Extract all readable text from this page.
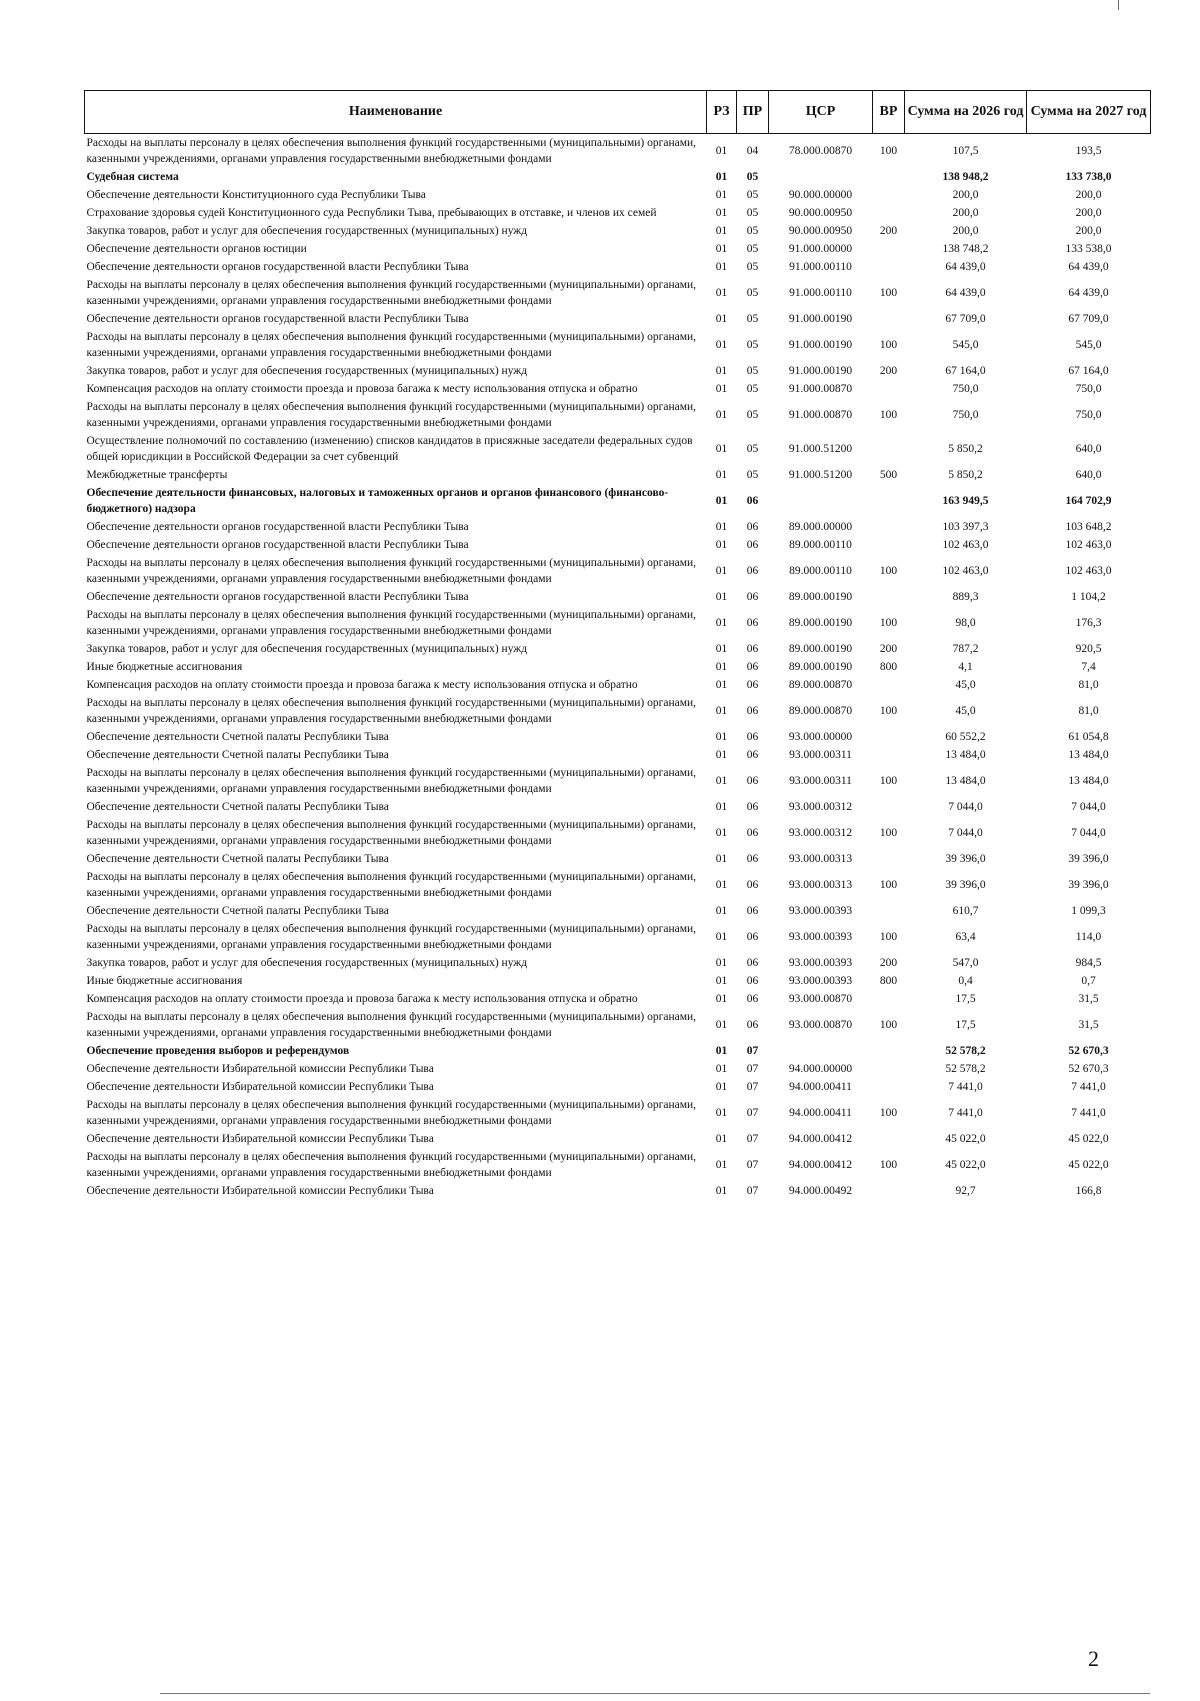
Наименование	РЗ	ПР	ЦСР	ВР	Сумма на 2026 год	Сумма на 2027 год
Расходы на выплаты персоналу в целях обеспечения выполнения функций государственными (муниципальными) органами, казенными учреждениями, органами управления государственными внебюджетными фондами	01	04	78.000.00870	100	107,5	193,5
Судебная система	01	05			138 948,2	133 738,0
Обеспечение деятельности Конституционного суда Республики Тыва	01	05	90.000.00000		200,0	200,0
Страхование здоровья судей Конституционного суда Республики Тыва, пребывающих в отставке, и членов их семей	01	05	90.000.00950		200,0	200,0
Закупка товаров, работ и услуг для обеспечения государственных (муниципальных) нужд	01	05	90.000.00950	200	200,0	200,0
Обеспечение деятельности органов юстиции	01	05	91.000.00000		138 748,2	133 538,0
Обеспечение деятельности органов государственной власти Республики Тыва	01	05	91.000.00110		64 439,0	64 439,0
Расходы на выплаты персоналу в целях обеспечения выполнения функций государственными (муниципальными) органами, казенными учреждениями, органами управления государственными внебюджетными фондами	01	05	91.000.00110	100	64 439,0	64 439,0
Обеспечение деятельности органов государственной власти Республики Тыва	01	05	91.000.00190		67 709,0	67 709,0
Расходы на выплаты персоналу в целях обеспечения выполнения функций государственными (муниципальными) органами, казенными учреждениями, органами управления государственными внебюджетными фондами	01	05	91.000.00190	100	545,0	545,0
Закупка товаров, работ и услуг для обеспечения государственных (муниципальных) нужд	01	05	91.000.00190	200	67 164,0	67 164,0
Компенсация расходов на оплату стоимости проезда и провоза багажа к месту использования отпуска и обратно	01	05	91.000.00870		750,0	750,0
Расходы на выплаты персоналу в целях обеспечения выполнения функций государственными (муниципальными) органами, казенными учреждениями, органами управления государственными внебюджетными фондами	01	05	91.000.00870	100	750,0	750,0
Осуществление полномочий по составлению (изменению) списков кандидатов в присяжные заседатели федеральных судов общей юрисдикции в Российской Федерации за счет субвенций	01	05	91.000.51200		5 850,2	640,0
Межбюджетные трансферты	01	05	91.000.51200	500	5 850,2	640,0
Обеспечение деятельности финансовых, налоговых и таможенных органов и органов финансового (финансово-бюджетного) надзора	01	06			163 949,5	164 702,9
Обеспечение деятельности органов государственной власти Республики Тыва	01	06	89.000.00000		103 397,3	103 648,2
Обеспечение деятельности органов государственной власти Республики Тыва	01	06	89.000.00110		102 463,0	102 463,0
Расходы на выплаты персоналу в целях обеспечения выполнения функций государственными (муниципальными) органами, казенными учреждениями, органами управления государственными внебюджетными фондами	01	06	89.000.00110	100	102 463,0	102 463,0
Обеспечение деятельности органов государственной власти Республики Тыва	01	06	89.000.00190		889,3	1 104,2
Расходы на выплаты персоналу в целях обеспечения выполнения функций государственными (муниципальными) органами, казенными учреждениями, органами управления государственными внебюджетными фондами	01	06	89.000.00190	100	98,0	176,3
Закупка товаров, работ и услуг для обеспечения государственных (муниципальных) нужд	01	06	89.000.00190	200	787,2	920,5
Иные бюджетные ассигнования	01	06	89.000.00190	800	4,1	7,4
Компенсация расходов на оплату стоимости проезда и провоза багажа к месту использования отпуска и обратно	01	06	89.000.00870		45,0	81,0
Расходы на выплаты персоналу в целях обеспечения выполнения функций государственными (муниципальными) органами, казенными учреждениями, органами управления государственными внебюджетными фондами	01	06	89.000.00870	100	45,0	81,0
Обеспечение деятельности Счетной палаты Республики Тыва	01	06	93.000.00000		60 552,2	61 054,8
Обеспечение деятельности Счетной палаты Республики Тыва	01	06	93.000.00311		13 484,0	13 484,0
Расходы на выплаты персоналу в целях обеспечения выполнения функций государственными (муниципальными) органами, казенными учреждениями, органами управления государственными внебюджетными фондами	01	06	93.000.00311	100	13 484,0	13 484,0
Обеспечение деятельности Счетной палаты Республики Тыва	01	06	93.000.00312		7 044,0	7 044,0
Расходы на выплаты персоналу в целях обеспечения выполнения функций государственными (муниципальными) органами, казенными учреждениями, органами управления государственными внебюджетными фондами	01	06	93.000.00312	100	7 044,0	7 044,0
Обеспечение деятельности Счетной палаты Республики Тыва	01	06	93.000.00313		39 396,0	39 396,0
Расходы на выплаты персоналу в целях обеспечения выполнения функций государственными (муниципальными) органами, казенными учреждениями, органами управления государственными внебюджетными фондами	01	06	93.000.00313	100	39 396,0	39 396,0
Обеспечение деятельности Счетной палаты Республики Тыва	01	06	93.000.00393		610,7	1 099,3
Расходы на выплаты персоналу в целях обеспечения выполнения функций государственными (муниципальными) органами, казенными учреждениями, органами управления государственными внебюджетными фондами	01	06	93.000.00393	100	63,4	114,0
Закупка товаров, работ и услуг для обеспечения государственных (муниципальных) нужд	01	06	93.000.00393	200	547,0	984,5
Иные бюджетные ассигнования	01	06	93.000.00393	800	0,4	0,7
Компенсация расходов на оплату стоимости проезда и провоза багажа к месту использования отпуска и обратно	01	06	93.000.00870		17,5	31,5
Расходы на выплаты персоналу в целях обеспечения выполнения функций государственными (муниципальными) органами, казенными учреждениями, органами управления государственными внебюджетными фондами	01	06	93.000.00870	100	17,5	31,5
Обеспечение проведения выборов и референдумов	01	07			52 578,2	52 670,3
Обеспечение деятельности Избирательной комиссии Республики Тыва	01	07	94.000.00000		52 578,2	52 670,3
Обеспечение деятельности Избирательной комиссии Республики Тыва	01	07	94.000.00411		7 441,0	7 441,0
Расходы на выплаты персоналу в целях обеспечения выполнения функций государственными (муниципальными) органами, казенными учреждениями, органами управления государственными внебюджетными фондами	01	07	94.000.00411	100	7 441,0	7 441,0
Обеспечение деятельности Избирательной комиссии Республики Тыва	01	07	94.000.00412		45 022,0	45 022,0
Расходы на выплаты персоналу в целях обеспечения выполнения функций государственными (муниципальными) органами, казенными учреждениями, органами управления государственными внебюджетными фондами	01	07	94.000.00412	100	45 022,0	45 022,0
Обеспечение деятельности Избирательной комиссии Республики Тыва	01	07	94.000.00492		92,7	166,8
2
